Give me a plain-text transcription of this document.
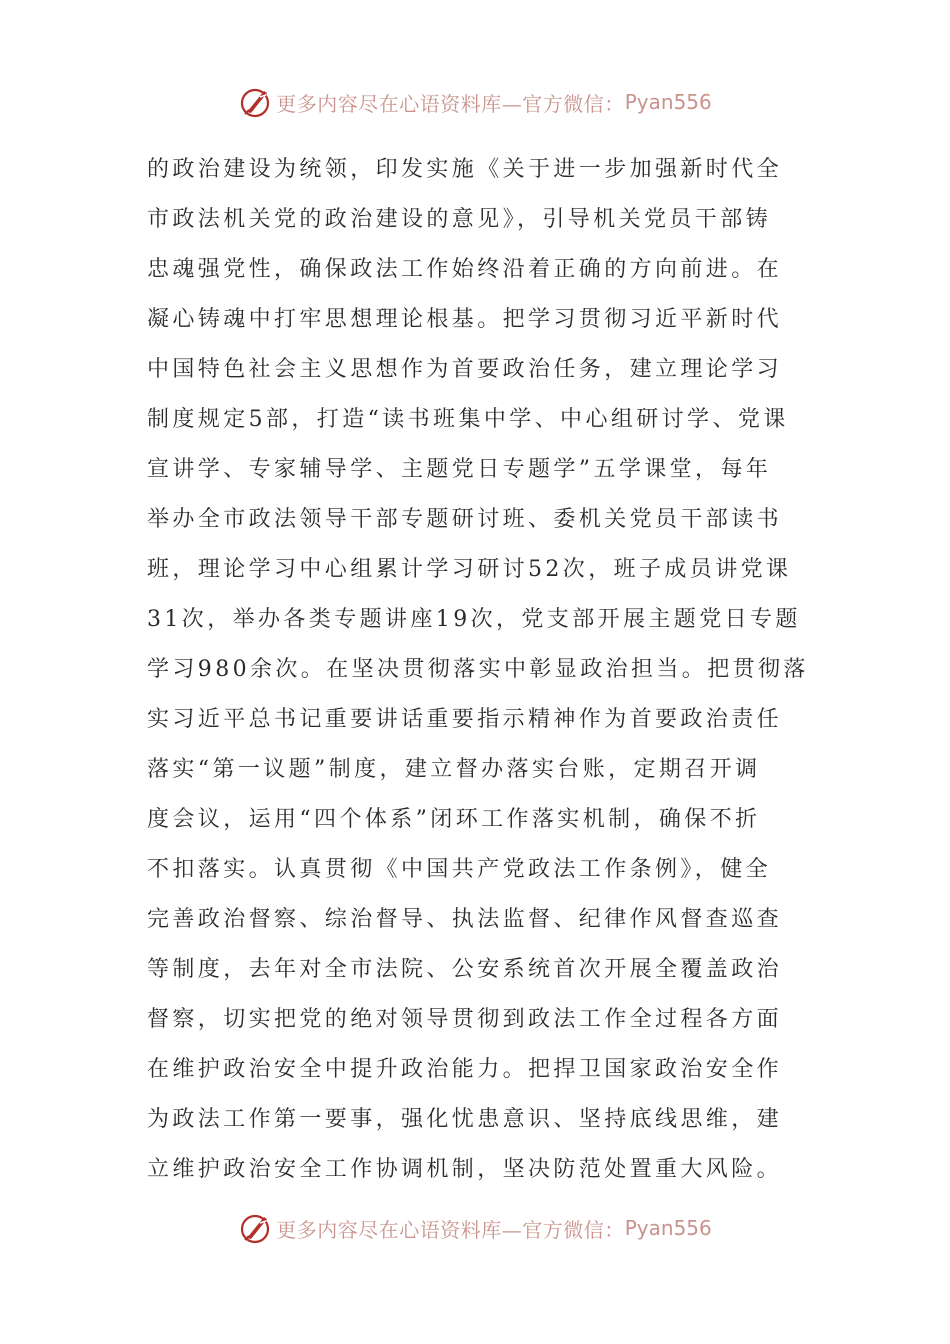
更多内容尽在心语资料库—官方微信： Pyan556
的政治建设为统领，印发实施《关于进一步加强新时代全
市政法机关党的政治建设的意见》，引导机关党员干部铸
忠魂强党性，确保政法工作始终沿着正确的方向前进。在
凝心铸魂中打牢思想理论根基。把学习贯彻习近平新时代
中国特色社会主义思想作为首要政治任务，建立理论学习
制度规定5部，打造“读书班集中学、中心组研讨学、党课
宣讲学、专家辅导学、主题党日专题学”五学课堂，每年
举办全市政法领导干部专题研讨班、委机关党员干部读书
班，理论学习中心组累计学习研讨52次，班子成员讲党课
31次，举办各类专题讲座19次，党支部开展主题党日专题
学习980余次。在坚决贯彻落实中彰显政治担当。把贯彻落
实习近平总书记重要讲话重要指示精神作为首要政治责任
落实“第一议题”制度，建立督办落实台账，定期召开调
度会议，运用“四个体系”闭环工作落实机制，确保不折
不扣落实。认真贯彻《中国共产党政法工作条例》，健全
完善政治督察、综治督导、执法监督、纪律作风督查巡查
等制度，去年对全市法院、公安系统首次开展全覆盖政治
督察，切实把党的绝对领导贯彻到政法工作全过程各方面
在维护政治安全中提升政治能力。把捍卫国家政治安全作
为政法工作第一要事，强化忧患意识、坚持底线思维，建
立维护政治安全工作协调机制，坚决防范处置重大风险。
更多内容尽在心语资料库—官方微信： Pyan556
